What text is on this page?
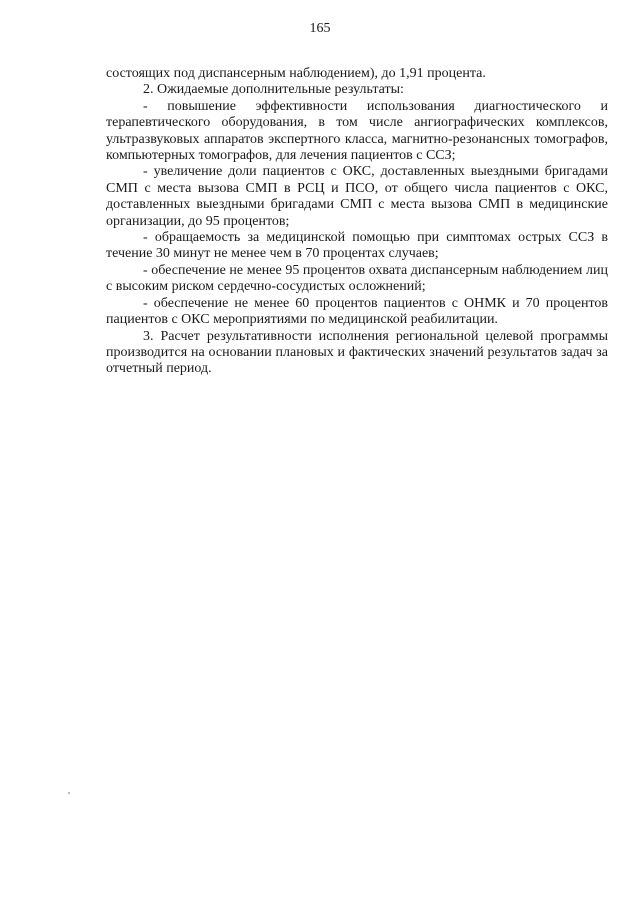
165

состоящих под диспансерным наблюдением), до 1,91 процента.

2. Ожидаемые дополнительные результаты:

- повышение эффективности использования диагностического и терапевтического оборудования, в том числе ангиографических комплексов, ультразвуковых аппаратов экспертного класса, магнитно-резонансных томографов, компьютерных томографов, для лечения пациентов с ССЗ;

- увеличение доли пациентов с ОКС, доставленных выездными бригадами СМП с места вызова СМП в РСЦ и ПСО, от общего числа пациентов с ОКС, доставленных выездными бригадами СМП с места вызова СМП в медицинские организации, до 95 процентов;

- обращаемость за медицинской помощью при симптомах острых ССЗ в течение 30 минут не менее чем в 70 процентах случаев;

- обеспечение не менее 95 процентов охвата диспансерным наблюдением лиц с высоким риском сердечно-сосудистых осложнений;

- обеспечение не менее 60 процентов пациентов с ОНМК и 70 процентов пациентов с ОКС мероприятиями по медицинской реабилитации.

3. Расчет результативности исполнения региональной целевой программы производится на основании плановых и фактических значений результатов задач за отчетный период.
